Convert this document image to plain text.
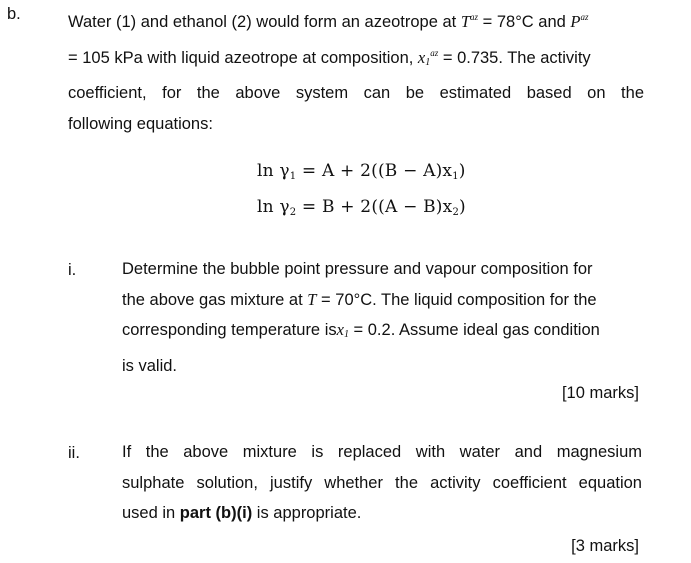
b.	Water (1) and ethanol (2) would form an azeotrope at $T^{az} = 78^\circ C$ and $P^{az}$
= 105 kPa with liquid azeotrope at composition, $x_1^{az} = 0.735$. The activity
coefficient, for the above system can be estimated based on the
following equations:
$\ln \gamma_1 = A + 2((B - A)x_1)$
$\ln \gamma_2 = B + 2((A - B)x_2)$
i.	Determine the bubble point pressure and vapour composition for
the above gas mixture at T = 70°C. The liquid composition for the
corresponding temperature isx$_1$ = 0.2. Assume ideal gas condition
is valid.
[10 marks]
ii.	If the above mixture is replaced with water and magnesium
sulphate solution, justify whether the activity coefficient equation
used in part (b)(i) is appropriate.
[3 marks]
